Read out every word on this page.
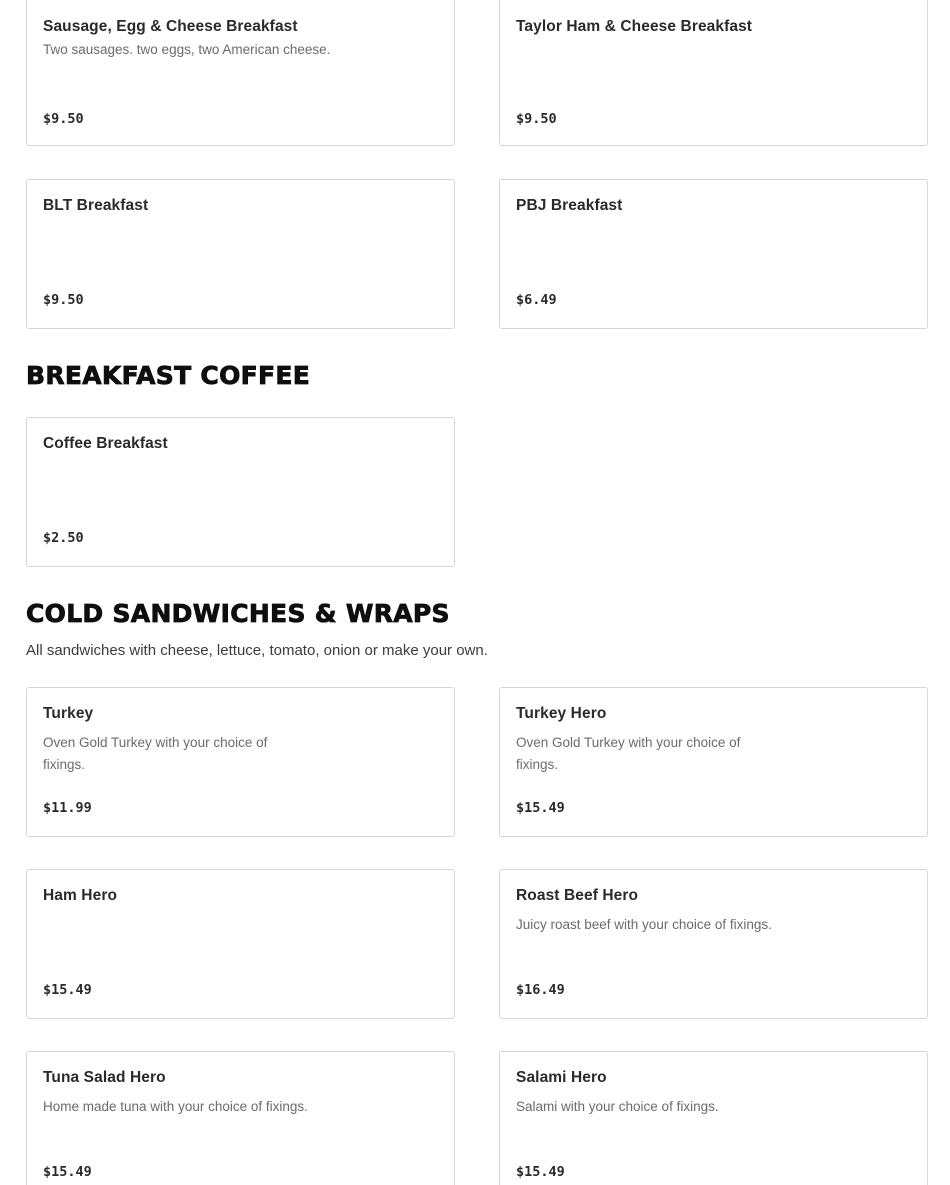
Sausage, Egg & Cheese Breakfast
Two sausages. two eggs, two American cheese.
$9.50
Taylor Ham & Cheese Breakfast
$9.50
BLT Breakfast
$9.50
PBJ Breakfast
$6.49
BREAKFAST COFFEE
Coffee Breakfast
$2.50
COLD SANDWICHES & WRAPS
All sandwiches with cheese, lettuce, tomato, onion or make your own.
Turkey
Oven Gold Turkey with your choice of fixings.
$11.99
Turkey Hero
Oven Gold Turkey with your choice of fixings.
$15.49
Ham Hero
$15.49
Roast Beef Hero
Juicy roast beef with your choice of fixings.
$16.49
Tuna Salad Hero
Home made tuna with your choice of fixings.
$15.49
Salami Hero
Salami with your choice of fixings.
$15.49
